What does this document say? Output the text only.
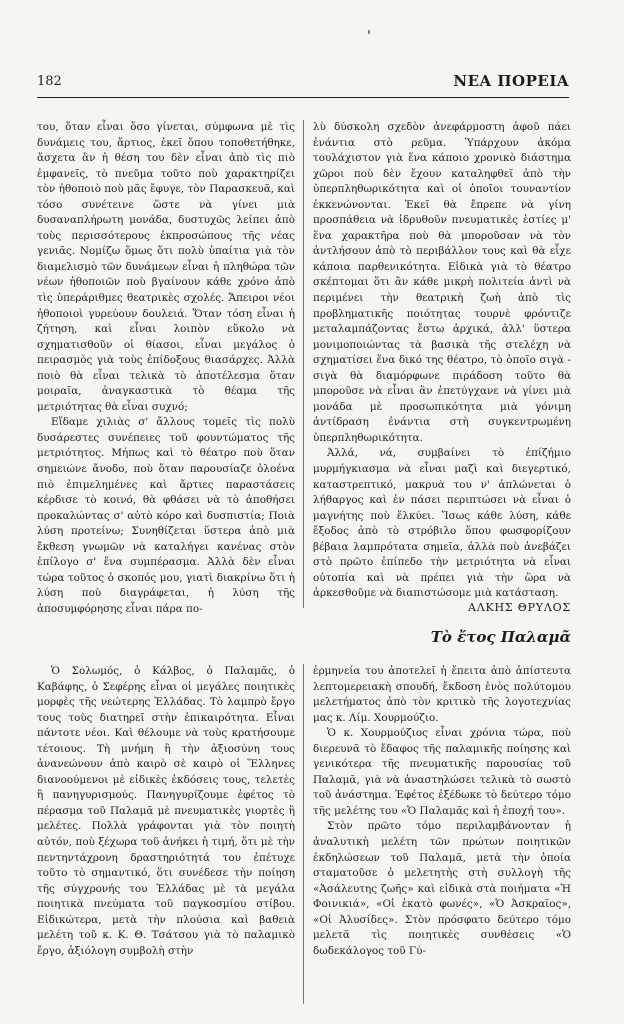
182	ΝΕΑ ΠΟΡΕΙΑ

του, ὅταν εἶναι ὅσο γίνεται, σύμφωνα μὲ τὶς δυνάμεις του, ἄρτιος, ἐκεῖ ὅπου τοποθετήθηκε, ἄσχετα ἂν ἡ θέση του δὲν εἶναι ἀπὸ τὶς πιὸ ἐμφανεῖς, τὸ πνεῦμα τοῦτο ποὺ χαρακτηρίζει τὸν ἠθοποιὸ ποὺ μᾶς ἔφυγε, τὸν Παρασκευᾶ, καὶ τόσο συνέτεινε ὥστε νὰ γίνει μιὰ δυσαναπλήρωτη μονάδα, δυστυχῶς λείπει ἀπὸ τοὺς περισσότερους ἐκπροσώπους τῆς νέας γενιᾶς. Νομίζω ὅμως ὅτι πολὺ ὑπαίτια γιὰ τὸν διαμελισμὸ τῶν δυνάμεων εἶναι ἡ πληθώρα τῶν νέων ἠθοποιῶν ποὺ βγαίνουν κάθε χρόνο ἀπὸ τὶς ὑπεράριθμες θεατρικὲς σχολές. Ἄπειροι νέοι ἠθοποιοὶ γυρεύουν δουλειά. Ὅταν τόση εἶναι ἡ ζήτηση, καὶ εἶναι λοιπὸν εὔκολο νὰ σχηματισθοῦν οἱ θίασοι, εἶναι μεγάλος ὁ πειρασμὸς γιὰ τοὺς ἐπίδοξους θιασάρχες. Ἀλλὰ ποιὸ θὰ εἶναι τελικὰ τὸ ἀποτέλεσμα ὅταν μοιραῖα, ἀναγκαστικὰ τὸ θέαμα τῆς μετριότητας θὰ εἶναι συχνό;

Εἴδαμε χιλιὰς σ' ἄλλους τομεῖς τὶς πολὺ δυσάρεστες συνέπειες τοῦ φουντώματος τῆς μετριότητος. Μήπως καὶ τὸ θέατρο ποὺ ὅταν σημειώνε ἄνοδο, ποὺ ὅταν παρουσίαζε ὁλοένα πιὸ ἐπιμελημένες καὶ ἄρτιες παραστάσεις κέρδισε τὸ κοινό, θὰ φθάσει νὰ τὸ ἀποθήσει προκαλώντας σ' αὐτὸ κόρο καὶ δυσπιστία; Ποιὰ λύση προτείνω; Συνηθίζεται ὕστερα ἀπὸ μιὰ ἔκθεση γνωμῶν νὰ καταλήγει κανένας στὸν ἐπίλογο σ' ἕνα συμπέρασμα. Ἀλλὰ δὲν εἶναι τώρα τοῦτος ὁ σκοπός μου, γιατὶ διακρίνω ὅτι ἡ λύση ποὺ διαγράφεται, ἡ λύση τῆς ἀποσυμφόρησης εἶναι πάρα πο-

λὺ δύσκολη σχεδὸν ἀνεφάρμοστη ἀφοῦ πάει ἐνάντια στὸ ρεῦμα. Ὑπάρχουν ἀκόμα τουλάχιστον γιὰ ἕνα κάποιο χρονικὸ διάστημα χῶροι ποὺ δὲν ἔχουν καταληφθεῖ ἀπὸ τὴν ὑπερπληθωρικότητα καὶ οἱ ὁποῖοι τουναντίον ἐκκενώνονται. Ἐκεῖ θὰ ἔπρεπε νὰ γίνη προσπάθεια νὰ ἱδρυθοῦν πνευματικὲς ἑστίες μ' ἕνα χαρακτῆρα ποὺ θὰ μποροῦσαν νὰ τὸν ἀντλήσουν ἀπὸ τὸ περιβάλλον τους καὶ θὰ εἶχε κάποια παρθενικότητα. Εἰδικὰ γιὰ τὸ θέατρο σκέπτομαι ὅτι ἂν κάθε μικρὴ πολιτεία ἀντὶ νὰ περιμένει τὴν θεατρικὴ ζωὴ ἀπὸ τὶς προβληματικῆς ποιότητας τουρνὲ φρόντιζε μεταλαμπάζοντας ἔστω ἀρχικά, ἀλλ' ὕστερα μονιμοποιώντας τὰ βασικὰ τῆς στελέχη νὰ σχηματίσει ἕνα δικό της θέατρο, τὸ ὁποῖο σιγὰ - σιγὰ θὰ διαμόρφωνε πιράδοση τοῦτο θὰ μποροῦσε νὰ εἶναι ἂν ἐπετύγχανε νὰ γίνει μιὰ μονάδα μὲ προσωπικότητα μιὰ γόνιμη ἀντίδραση ἐνάντια στὴ συγκεντρωμένη ὑπερπληθωρικότητα.

Ἀλλά, νά, συμβαίνει τὸ ἐπίζήμιο μυρμήγκιασμα νὰ εἶναι μαζὶ καὶ διεγερτικό, καταστρεπτικό, μακρυὰ του ν' ἀπλώνεται ὁ λήθαργος καὶ ἐν πάσει περιπτώσει νὰ εἶναι ὁ μαγνήτης ποὺ ἕλκύει. Ἴσως κάθε λύση, κάθε ἔξοδος ἀπὸ τὸ στρόβιλο ὅπου φωσφορίζουν βέβαια λαμπρότατα σημεῖα, ἀλλὰ ποὺ ἀνεβάζει στὸ πρῶτο ἐπίπεδο τὴν μετριότητα νὰ εἶναι οὐτοπία καὶ νὰ πρέπει γιὰ τὴν ὥρα νὰ ἀρκεσθοῦμε νὰ διαπιστώσομε μιὰ κατάσταση.

ΑΛΚΗΣ ΘΡΥΛΟΣ
Τὸ ἔτος Παλαμᾶ

Ὁ Σολωμός, ὁ Κάλβος, ὁ Παλαμᾶς, ὁ Καβάφης, ὁ Σεφέρης εἶναι οἱ μεγάλες ποιητικὲς μορφὲς τῆς νεώτερης Ἑλλάδας. Τὸ λαμπρὸ ἔργο τους τοὺς διατηρεῖ στὴν ἐπικαιρότητα. Εἶναι πάντοτε νέοι. Καὶ θέλουμε νὰ τοὺς κρατήσουμε τέτοιους. Τὴ μνήμη ἢ τὴν ἀξιοσύνη τους ἀνανεώνουν ἀπὸ καιρὸ σὲ καιρὸ οἱ Ἕλληνες διανοούμενοι μὲ εἰδικὲς ἐκδόσεις τους, τελετὲς ἢ πανηγυρισμούς. Πανηγυρίζουμε ἐφέτος τὸ πέρασμα τοῦ Παλαμᾶ μὲ πνευματικὲς γιορτὲς ἢ μελέτες. Πολλὰ γράφονται γιὰ τὸν ποιητὴ αὐτόν, ποὺ ξέχωρα τοῦ ἀνήκει ἡ τιμή, ὅτι μὲ τὴν πεντηντάχρονη δραστηριότητά του ἐπέτυχε τοῦτο τὸ σημαντικό, ὅτι συνέδεσε τὴν ποίηση τῆς σύγχρονής του Ἑλλάδας μὲ τὰ μεγάλα ποιητικὰ πνεύματα τοῦ παγκοσμίου στίβου. Εἰδικώτερα, μετὰ τὴν πλούσια καὶ βαθειὰ μελέτη τοῦ κ. Κ. Θ. Τσάτσου γιὰ τὸ παλαμικὸ ἔργο, ἀξιόλογη συμβολὴ στὴν

ἑρμηνεία του ἀποτελεῖ ἡ ἔπειτα ἀπὸ ἀπίστευτα λεπτομερειακὴ σπουδή, ἔκδοση ἑνὸς πολύτομου μελετήματος ἀπὸ τὸν κριτικὸ τῆς λογοτεχνίας μας κ. Λίμ. Χουρμούζιο.

Ὁ κ. Χουρμούζιος εἶναι χρόνια τώρα, ποὺ διερευνᾶ τὸ ἔδαφος τῆς παλαμικῆς ποίησης καὶ γενικότερα τῆς πνευματικῆς παρουσίας τοῦ Παλαμᾶ, γιὰ νὰ ἀναστηλώσει τελικὰ τὸ σωστὸ τοῦ ἀνάστημα. Ἐφέτος ἐξέδωκε τὸ δεύτερο τόμο τῆς μελέτης του «Ὁ Παλαμᾶς καὶ ἡ ἐποχή του».

Στὸν πρῶτο τόμο περιλαμβάνονταν ἡ ἀναλυτικὴ μελέτη τῶν πρώτων ποιητικῶν ἐκδηλώσεων τοῦ Παλαμᾶ, μετὰ τὴν ὁποία σταματοῦσε ὁ μελετητὴς στὴ συλλογὴ τῆς «Ἀσάλευτης ζωῆς» καὶ εἰδικὰ στὰ ποιήματα «Ἡ Φοινικιά», «Οἱ ἑκατὸ φωνές», «Ὁ Ἀσκραῖος», «Οἱ Ἀλυσίδες». Στὸν πρόσφατο δεύτερο τόμο μελετᾶ τὶς ποιητικὲς συνθέσεις «Ὁ δωδεκάλογος τοῦ Γύ-
